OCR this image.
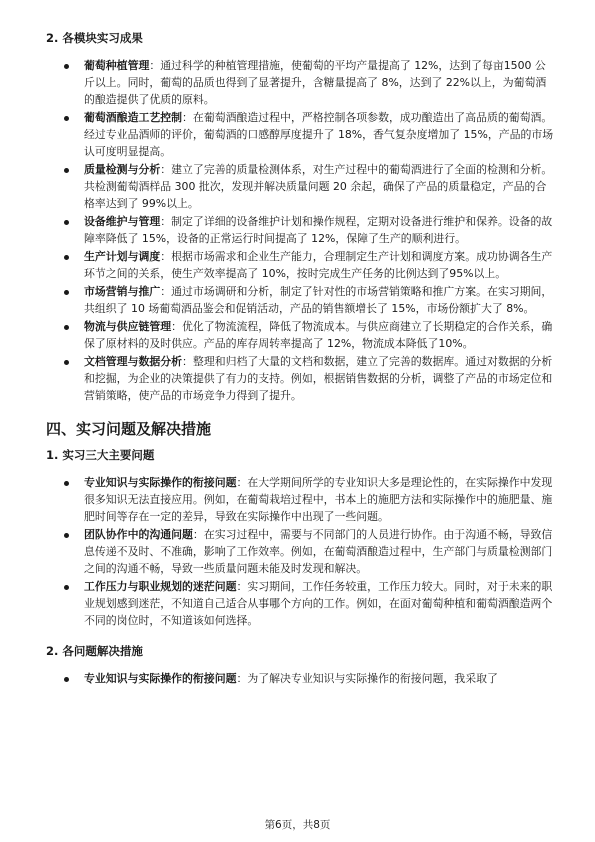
2. 各模块实习成果
葡萄种植管理：通过科学的种植管理措施，使葡萄的平均产量提高了 12%，达到了每亩1500 公斤以上。同时，葡萄的品质也得到了显著提升，含糖量提高了 8%，达到了 22%以上，为葡萄酒的酿造提供了优质的原料。
葡萄酒酿造工艺控制：在葡萄酒酿造过程中，严格控制各项参数，成功酿造出了高品质的葡萄酒。经过专业品酒师的评价，葡萄酒的口感醇厚度提升了 18%，香气复杂度增加了 15%，产品的市场认可度明显提高。
质量检测与分析：建立了完善的质量检测体系，对生产过程中的葡萄酒进行了全面的检测和分析。共检测葡萄酒样品 300 批次，发现并解决质量问题 20 余起，确保了产品的质量稳定，产品的合格率达到了 99%以上。
设备维护与管理：制定了详细的设备维护计划和操作规程，定期对设备进行维护和保养。设备的故障率降低了 15%，设备的正常运行时间提高了 12%，保障了生产的顺利进行。
生产计划与调度：根据市场需求和企业生产能力，合理制定生产计划和调度方案。成功协调各生产环节之间的关系，使生产效率提高了 10%，按时完成生产任务的比例达到了95%以上。
市场营销与推广：通过市场调研和分析，制定了针对性的市场营销策略和推广方案。在实习期间，共组织了 10 场葡萄酒品鉴会和促销活动，产品的销售额增长了 15%，市场份额扩大了 8%。
物流与供应链管理：优化了物流流程，降低了物流成本。与供应商建立了长期稳定的合作关系，确保了原材料的及时供应。产品的库存周转率提高了 12%，物流成本降低了10%。
文档管理与数据分析：整理和归档了大量的文档和数据，建立了完善的数据库。通过对数据的分析和挖掘，为企业的决策提供了有力的支持。例如，根据销售数据的分析，调整了产品的市场定位和营销策略，使产品的市场竞争力得到了提升。
四、实习问题及解决措施
1. 实习三大主要问题
专业知识与实际操作的衔接问题：在大学期间所学的专业知识大多是理论性的，在实际操作中发现很多知识无法直接应用。例如，在葡萄栽培过程中，书本上的施肥方法和实际操作中的施肥量、施肥时间等存在一定的差异，导致在实际操作中出现了一些问题。
团队协作中的沟通问题：在实习过程中，需要与不同部门的人员进行协作。由于沟通不畅，导致信息传递不及时、不准确，影响了工作效率。例如，在葡萄酒酿造过程中，生产部门与质量检测部门之间的沟通不畅，导致一些质量问题未能及时发现和解决。
工作压力与职业规划的迷茫问题：实习期间，工作任务较重，工作压力较大。同时，对于未来的职业规划感到迷茫，不知道自己适合从事哪个方向的工作。例如，在面对葡萄种植和葡萄酒酿造两个不同的岗位时，不知道该如何选择。
2. 各问题解决措施
专业知识与实际操作的衔接问题：为了解决专业知识与实际操作的衔接问题，我采取了
第6页，共8页
